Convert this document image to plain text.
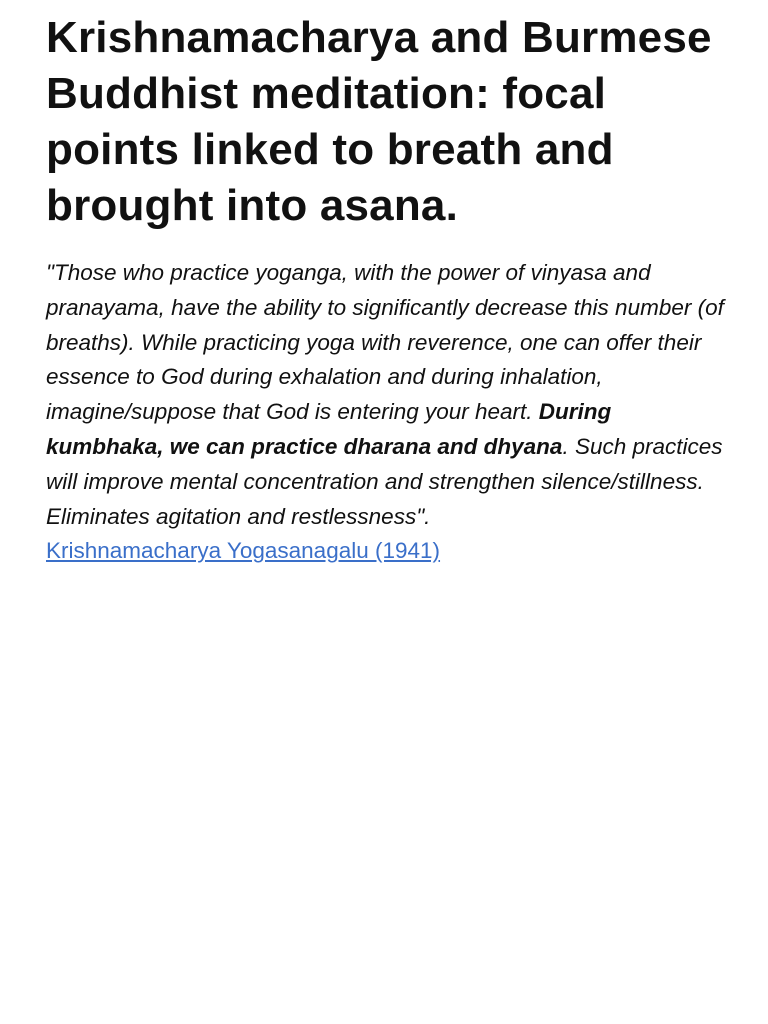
Krishnamacharya and Burmese Buddhist meditation: focal points linked to breath and brought into asana.

"Those who practice yoganga, with the power of vinyasa and pranayama, have the ability to significantly decrease this number (of breaths). While practicing yoga with reverence, one can offer their essence to God during exhalation and during inhalation, imagine/suppose that God is entering your heart. During kumbhaka, we can practice dharana and dhyana. Such practices will improve mental concentration and strengthen silence/stillness. Eliminates agitation and restlessness".
Krishnamacharya Yogasanagalu (1941)
